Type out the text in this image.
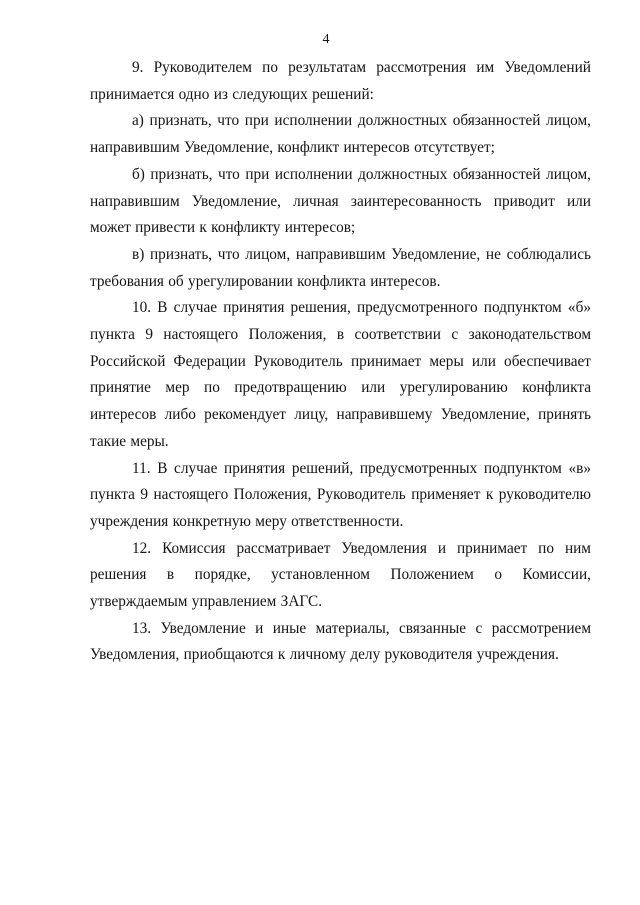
4

9. Руководителем по результатам рассмотрения им Уведомлений принимается одно из следующих решений:

а) признать, что при исполнении должностных обязанностей лицом, направившим Уведомление, конфликт интересов отсутствует;

б) признать, что при исполнении должностных обязанностей лицом, направившим Уведомление, личная заинтересованность приводит или может привести к конфликту интересов;

в) признать, что лицом, направившим Уведомление, не соблюдались требования об урегулировании конфликта интересов.

10. В случае принятия решения, предусмотренного подпунктом «б» пункта 9 настоящего Положения, в соответствии с законодательством Российской Федерации Руководитель принимает меры или обеспечивает принятие мер по предотвращению или урегулированию конфликта интересов либо рекомендует лицу, направившему Уведомление, принять такие меры.

11. В случае принятия решений, предусмотренных подпунктом «в» пункта 9 настоящего Положения, Руководитель применяет к руководителю учреждения конкретную меру ответственности.

12. Комиссия рассматривает Уведомления и принимает по ним решения в порядке, установленном Положением о Комиссии, утверждаемым управлением ЗАГС.

13. Уведомление и иные материалы, связанные с рассмотрением Уведомления, приобщаются к личному делу руководителя учреждения.
